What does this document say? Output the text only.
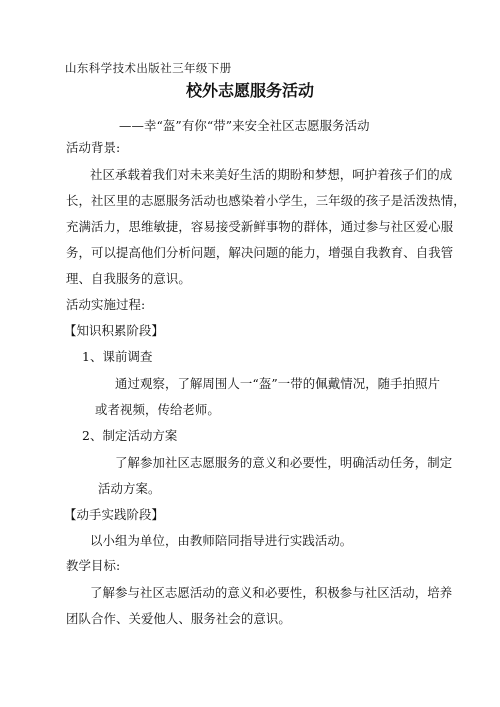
山东科学技术出版社三年级下册
校外志愿服务活动
——幸“盔”有你“带”来安全社区志愿服务活动
活动背景:
社区承载着我们对未来美好生活的期盼和梦想，呵护着孩子们的成
长，社区里的志愿服务活动也感染着小学生，三年级的孩子是活泼热情，
充满活力，思维敏捷，容易接受新鲜事物的群体，通过参与社区爱心服
务，可以提高他们分析问题，解决问题的能力，增强自我教育、自我管
理、自我服务的意识。
活动实施过程:
【知识积累阶段】
1、课前调查
通过观察，了解周围人一“盔”一带的佩戴情况，随手拍照片
或者视频，传给老师。
2、制定活动方案
了解参加社区志愿服务的意义和必要性，明确活动任务，制定
活动方案。
【动手实践阶段】
以小组为单位，由教师陪同指导进行实践活动。
教学目标:
了解参与社区志愿活动的意义和必要性，积极参与社区活动，培养
团队合作、关爱他人、服务社会的意识。
